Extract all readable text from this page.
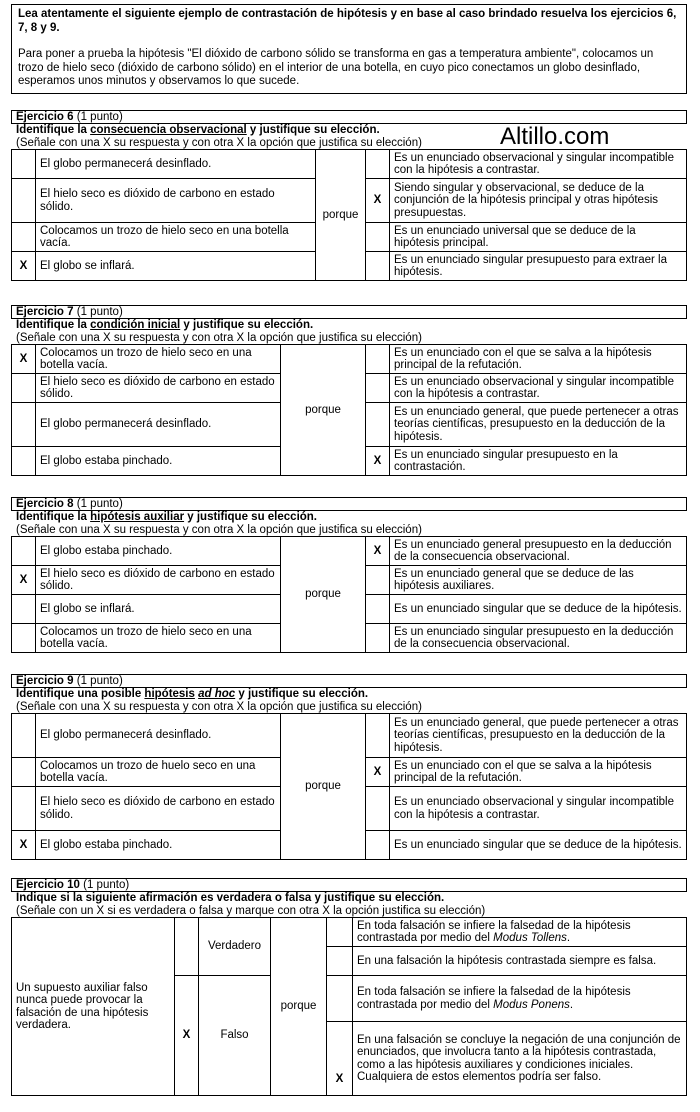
Lea atentamente el siguiente ejemplo de contrastación de hipótesis y en base al caso brindado resuelva los ejercicios 6, 7, 8 y 9.
Para poner a prueba la hipótesis "El dióxido de carbono sólido se transforma en gas a temperatura ambiente", colocamos un trozo de hielo seco (dióxido de carbono sólido) en el interior de una botella, en cuyo pico conectamos un globo desinflado, esperamos unos minutos y observamos lo que sucede.
Altillo.com
Ejercicio 6 (1 punto)
Identifique la consecuencia observacional y justifique su elección.
(Señale con una X su respuesta y con otra X la opción que justifica su elección)
	El globo permanecerá desinflado.	porque		Es un enunciado observacional y singular incompatible con la hipótesis a contrastar.
	El hielo seco es dióxido de carbono en estado sólido.		X	Siendo singular y observacional, se deduce de la conjunción de la hipótesis principal y otras hipótesis presupuestas.
	Colocamos un trozo de hielo seco en una botella vacía.			Es un enunciado universal que se deduce de la hipótesis principal.
X	El globo se inflará.			Es un enunciado singular presupuesto para extraer la hipótesis.
Ejercicio 7 (1 punto)
Identifique la condición inicial y justifique su elección.
(Señale con una X su respuesta y con otra X la opción que justifica su elección)
X	Colocamos un trozo de hielo seco en una botella vacía.	porque		Es un enunciado con el que se salva a la hipótesis principal de la refutación.
	El hielo seco es dióxido de carbono en estado sólido.			Es un enunciado observacional y singular incompatible con la hipótesis a contrastar.
	El globo permanecerá desinflado.			Es un enunciado general, que puede pertenecer a otras teorías científicas, presupuesto en la deducción de la hipótesis.
	El globo estaba pinchado.		X	Es un enunciado singular presupuesto en la contrastación.
Ejercicio 8 (1 punto)
Identifique la hipótesis auxiliar y justifique su elección.
(Señale con una X su respuesta y con otra X la opción que justifica su elección)
	El globo estaba pinchado.	porque	X	Es un enunciado general presupuesto en la deducción de la consecuencia observacional.
X	El hielo seco es dióxido de carbono en estado sólido.			Es un enunciado general que se deduce de las hipótesis auxiliares.
	El globo se inflará.			Es un enunciado singular que se deduce de la hipótesis.
	Colocamos un trozo de hielo seco en una botella vacía.			Es un enunciado singular presupuesto en la deducción de la consecuencia observacional.
Ejercicio 9 (1 punto)
Identifique una posible hipótesis ad hoc y justifique su elección.
(Señale con una X su respuesta y con otra X la opción que justifica su elección)
	El globo permanecerá desinflado.	porque		Es un enunciado general, que puede pertenecer a otras teorías científicas, presupuesto en la deducción de la hipótesis.
	Colocamos un trozo de huelo seco en una botella vacía.		X	Es un enunciado con el que se salva a la hipótesis principal de la refutación.
	El hielo seco es dióxido de carbono en estado sólido.			Es un enunciado observacional y singular incompatible con la hipótesis a contrastar.
X	El globo estaba pinchado.			Es un enunciado singular que se deduce de la hipótesis.
Ejercicio 10 (1 punto)
Indique si la siguiente afirmación es verdadera o falsa y justifique su elección.
(Señale con un X si es verdadera o falsa y marque con otra X la opción justifica su elección)
Un supuesto auxiliar falso nunca puede provocar la falsación de una hipótesis verdadera.		Verdadero	porque		En toda falsación se infiere la falsedad de la hipótesis contrastada por medio del Modus Tollens.
					En una falsación la hipótesis contrastada siempre es falsa.
	X	Falso			En toda falsación se infiere la falsedad de la hipótesis contrastada por medio del Modus Ponens.
				X	En una falsación se concluye la negación de una conjunción de enunciados, que involucra tanto a la hipótesis contrastada, como a las hipótesis auxiliares y condiciones iniciales. Cualquiera de estos elementos podría ser falso.
